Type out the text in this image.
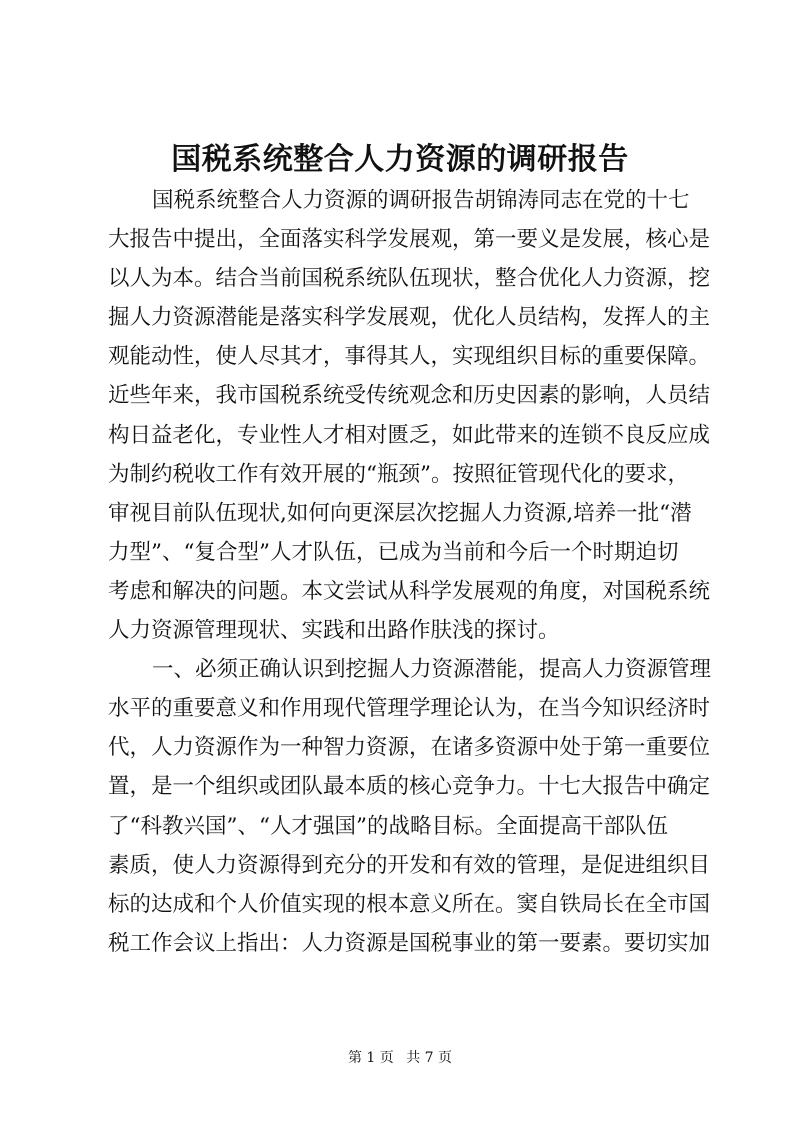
国税系统整合人力资源的调研报告
国税系统整合人力资源的调研报告胡锦涛同志在党的十七
大报告中提出，全面落实科学发展观，第一要义是发展，核心是
以人为本。结合当前国税系统队伍现状，整合优化人力资源，挖
掘人力资源潜能是落实科学发展观，优化人员结构，发挥人的主
观能动性，使人尽其才，事得其人，实现组织目标的重要保障。
近些年来，我市国税系统受传统观念和历史因素的影响，人员结
构日益老化，专业性人才相对匮乏，如此带来的连锁不良反应成
为制约税收工作有效开展的“瓶颈”。按照征管现代化的要求，
审视目前队伍现状,如何向更深层次挖掘人力资源,培养一批“潜
力型”、“复合型”人才队伍，已成为当前和今后一个时期迫切
考虑和解决的问题。本文尝试从科学发展观的角度，对国税系统
人力资源管理现状、实践和出路作肤浅的探讨。
一、必须正确认识到挖掘人力资源潜能，提高人力资源管理
水平的重要意义和作用现代管理学理论认为，在当今知识经济时
代，人力资源作为一种智力资源，在诸多资源中处于第一重要位
置，是一个组织或团队最本质的核心竞争力。十七大报告中确定
了“科教兴国”、“人才强国”的战略目标。全面提高干部队伍
素质，使人力资源得到充分的开发和有效的管理，是促进组织目
标的达成和个人价值实现的根本意义所在。窦自铁局长在全市国
税工作会议上指出：人力资源是国税事业的第一要素。要切实加
第 1 页 共 7 页
